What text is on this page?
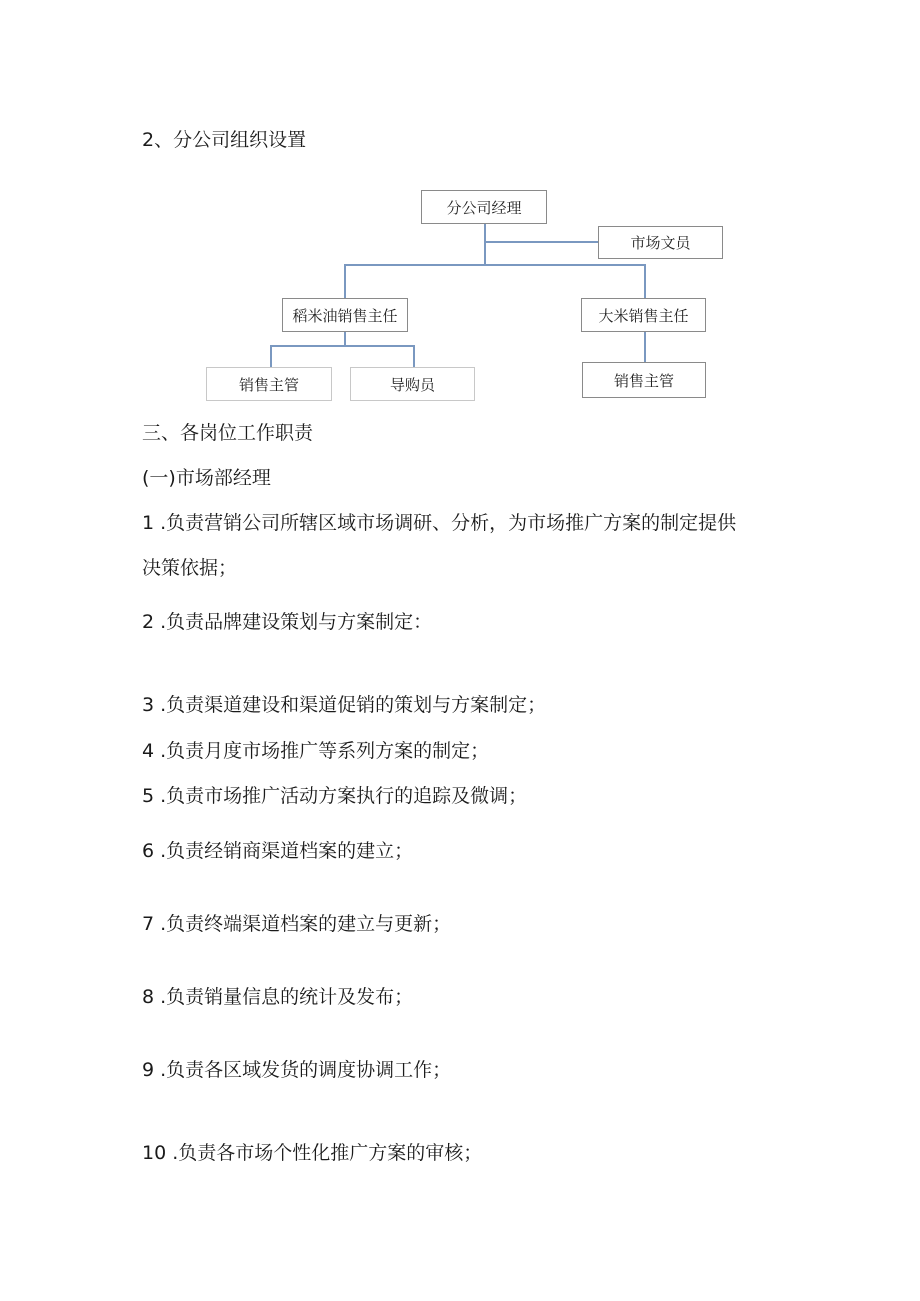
2、分公司组织设置
分公司经理
市场文员
稻米油销售主任	大米销售主任
销售主管	导购员	销售主管
三、各岗位工作职责
(一)市场部经理
1 .负责营销公司所辖区域市场调研、分析，为市场推广方案的制定提供
决策依据；
2 .负责品牌建设策划与方案制定：
3 .负责渠道建设和渠道促销的策划与方案制定；
4 .负责月度市场推广等系列方案的制定；
5 .负责市场推广活动方案执行的追踪及微调；
6 .负责经销商渠道档案的建立；
7 .负责终端渠道档案的建立与更新；
8 .负责销量信息的统计及发布；
9 .负责各区域发货的调度协调工作；
10 .负责各市场个性化推广方案的审核；
